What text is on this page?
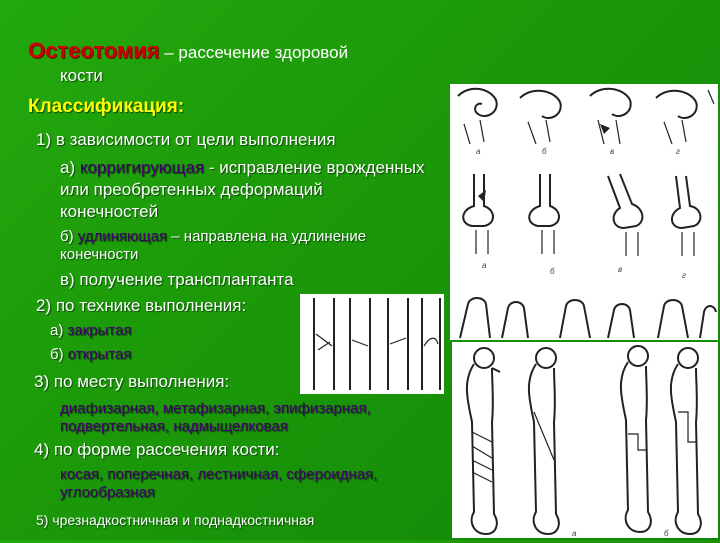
Остеотомия – рассечение здоровой
кости
Классификация:
1) в зависимости от цели выполнения
а) корригирующая - исправление врожденных
или преобретенных деформаций
конечностей
б) удлиняющая – направлена на удлинение
конечности
в) получение трансплантанта
2) по технике выполнения:
а) закрытая
б) открытая
3) по месту выполнения:
диафизарная, метафизарная, эпифизарная,
подвертельная, надмыщелковая
4) по форме рассечения кости:
косая, поперечная, лестничная, сфероидная,
углообразная
5) чрезнадкостничная и поднадкостничная
а	б	в	г
а
б	в
г
а	б
